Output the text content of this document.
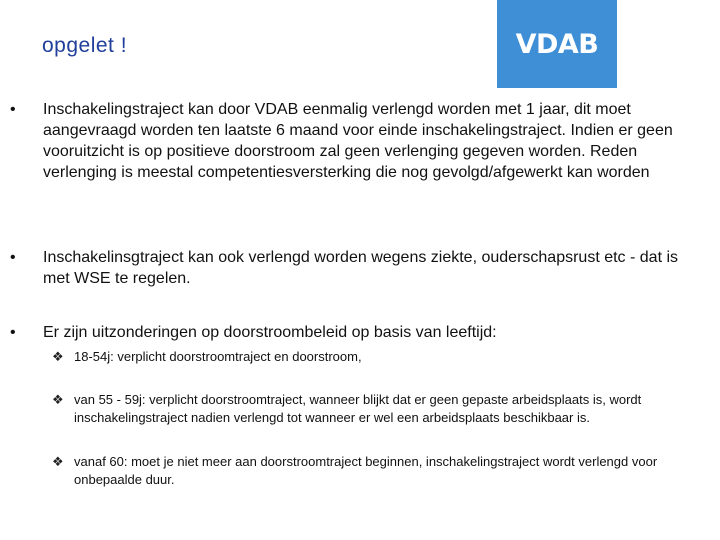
opgelet !	VDAB
• Inschakelingstraject kan door VDAB eenmalig verlengd worden met 1 jaar, dit moet aangevraagd worden ten laatste 6 maand voor einde inschakelingstraject. Indien er geen vooruitzicht is op positieve doorstroom zal geen verlenging gegeven worden. Reden verlenging is meestal competentiesversterking die nog gevolgd/afgewerkt kan worden
• Inschakelinsgtraject kan ook verlengd worden wegens ziekte, ouderschapsrust etc - dat is met WSE te regelen.
• Er zijn uitzonderingen op doorstroombeleid op basis van leeftijd:
❖ 18-54j: verplicht doorstroomtraject en doorstroom,
❖ van 55 - 59j: verplicht doorstroomtraject, wanneer blijkt dat er geen gepaste arbeidsplaats is, wordt inschakelingstraject nadien verlengd tot wanneer er wel een arbeidsplaats beschikbaar is.
❖ vanaf 60: moet je niet meer aan doorstroomtraject beginnen, inschakelingstraject wordt verlengd voor onbepaalde duur.
